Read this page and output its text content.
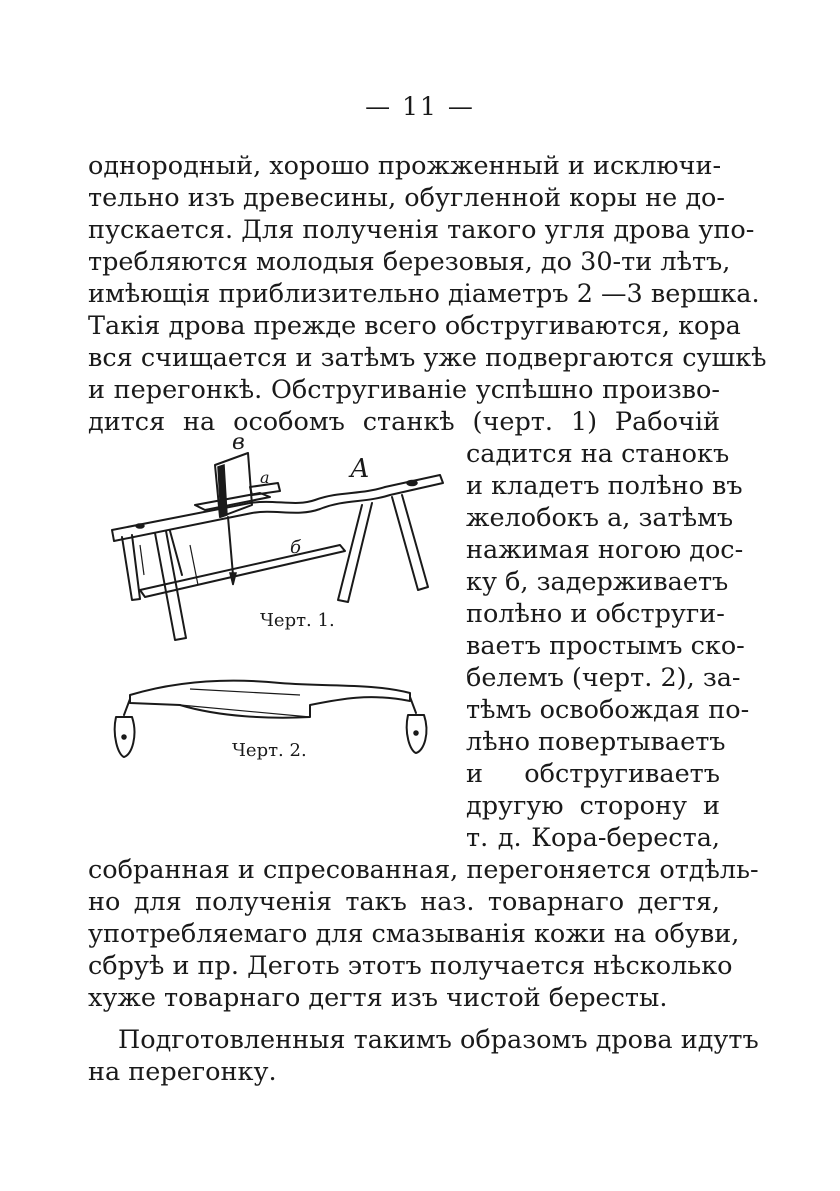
— 11 —
однородный, хорошо прожженный и исключи-
тельно изъ древесины, обугленной коры не до-
пускается. Для полученія такого угля дрова упо-
требляются молодыя березовыя, до 30-ти лѣтъ,
имѣющія приблизительно діаметръ 2 —3 вершка.
Такія дрова прежде всего обстругиваются, кора
вся счищается и затѣмъ уже подвергаются сушкѣ
и перегонкѣ. Обстругиваніе успѣшно произво-
дится на особомъ станкѣ (черт. 1) Рабочій
садится на станокъ
и кладетъ полѣно въ
желобокъ а, затѣмъ
нажимая ногою дос-
ку б, задерживаетъ
полѣно и обструги-
ваетъ простымъ ско-
белемъ (черт. 2), за-
тѣмъ освобождая по-
лѣно повертываетъ
и обстругиваетъ
другую сторону и
т. д. Кора-береста,
собранная и спресованная, перегоняется отдѣль-
но для полученія такъ наз. товарнаго дегтя,
употребляемаго для смазыванія кожи на обуви,
сбруѣ и пр. Деготь этотъ получается нѣсколько
хуже товарнаго дегтя изъ чистой бересты.
Подготовленныя такимъ образомъ дрова идутъ
на перегонку.
в
А
а
б
Черт. 1.
Черт. 2.
